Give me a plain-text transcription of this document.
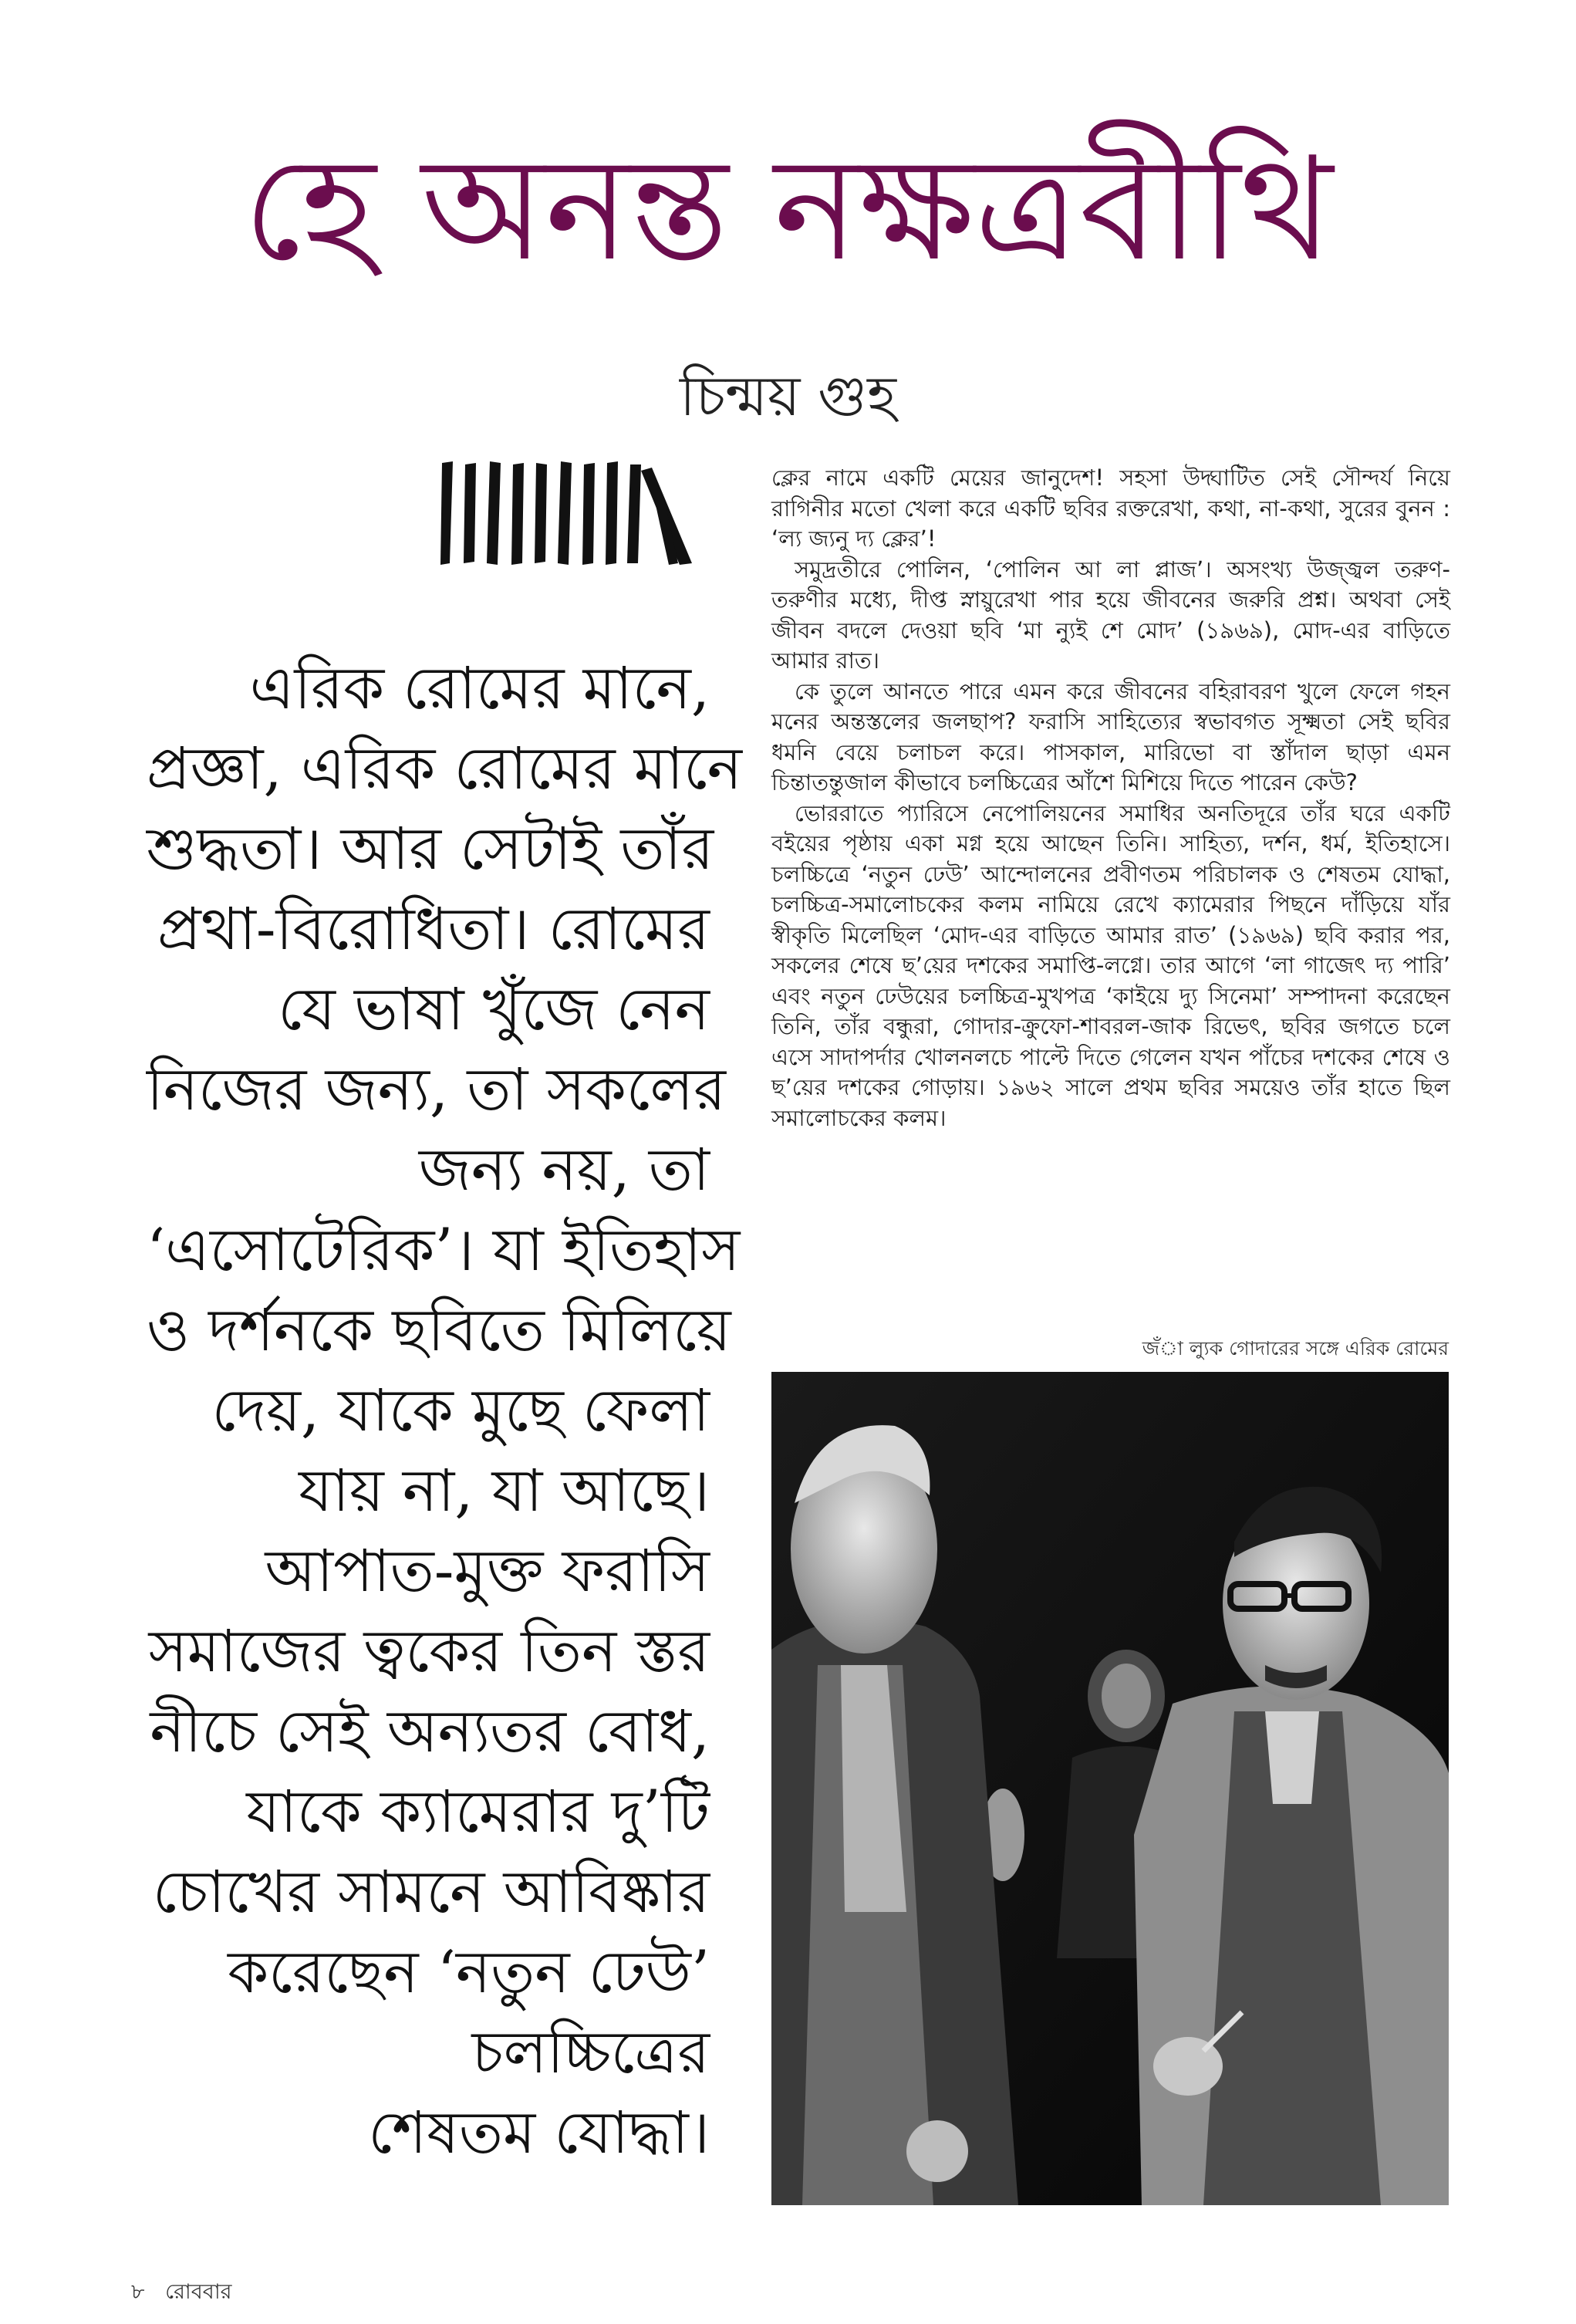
হে অনন্ত নক্ষত্রবীথি
চিন্ময় গুহ
এরিক রোমের মানে,
প্রজ্ঞা, এরিক রোমের মানে
শুদ্ধতা। আর সেটাই তাঁর
প্রথা-বিরোধিতা। রোমের
যে ভাষা খুঁজে নেন
নিজের জন্য, তা সকলের
জন্য নয়, তা
‘এসোটেরিক’। যা ইতিহাস
ও দর্শনকে ছবিতে মিলিয়ে
দেয়, যাকে মুছে ফেলা
যায় না, যা আছে।
আপাত-মুক্ত ফরাসি
সমাজের ত্বকের তিন স্তর
নীচে সেই অন্যতর বোধ,
যাকে ক্যামেরার দু’টি
চোখের সামনে আবিষ্কার
করেছেন ‘নতুন ঢেউ’
চলচ্চিত্রের
শেষতম যোদ্ধা।

ক্লের নামে একটি মেয়ের জানুদেশ! সহসা উদ্ঘাটিত সেই সৌন্দর্য নিয়ে রাগিনীর মতো খেলা করে একটি ছবির রক্তরেখা, কথা, না-কথা, সুরের বুনন : ‘ল্য জ্যনু দ্য ক্লের’!

সমুদ্রতীরে পোলিন, ‘পোলিন আ লা প্লাজ’। অসংখ্য উজ্জ্বল তরুণ-তরুণীর মধ্যে, দীপ্ত স্নায়ুরেখা পার হয়ে জীবনের জরুরি প্রশ্ন। অথবা সেই জীবন বদলে দেওয়া ছবি ‘মা ন্যুই শে মোদ’ (১৯৬৯), মোদ-এর বাড়িতে আমার রাত।

কে তুলে আনতে পারে এমন করে জীবনের বহিরাবরণ খুলে ফেলে গহন মনের অন্তস্তলের জলছাপ? ফরাসি সাহিত্যের স্বভাবগত সূক্ষ্মতা সেই ছবির ধমনি বেয়ে চলাচল করে। পাসকাল, মারিভো বা স্তাঁদাল ছাড়া এমন চিন্তাতন্তুজাল কীভাবে চলচ্চিত্রের আঁশে মিশিয়ে দিতে পারেন কেউ?

ভোররাতে প্যারিসে নেপোলিয়নের সমাধির অনতিদূরে তাঁর ঘরে একটি বইয়ের পৃষ্ঠায় একা মগ্ন হয়ে আছেন তিনি। সাহিত্য, দর্শন, ধর্ম, ইতিহাসে। চলচ্চিত্রে ‘নতুন ঢেউ’ আন্দোলনের প্রবীণতম পরিচালক ও শেষতম যোদ্ধা, চলচ্চিত্র-সমালোচকের কলম নামিয়ে রেখে ক্যামেরার পিছনে দাঁড়িয়ে যাঁর স্বীকৃতি মিলেছিল ‘মোদ-এর বাড়িতে আমার রাত’ (১৯৬৯) ছবি করার পর, সকলের শেষে ছ’য়ের দশকের সমাপ্তি-লগ্নে। তার আগে ‘লা গাজেৎ দ্য পারি’ এবং নতুন ঢেউয়ের চলচ্চিত্র-মুখপত্র ‘কাইয়ে দ্যু সিনেমা’ সম্পাদনা করেছেন তিনি, তাঁর বন্ধুরা, গোদার-ক্রুফো-শাবরল-জাক রিভেৎ, ছবির জগতে চলে এসে সাদাপর্দার খোলনলচে পাল্টে দিতে গেলেন যখন পাঁচের দশকের শেষে ও ছ’য়ের দশকের গোড়ায়। ১৯৬২ সালে প্রথম ছবির সময়েও তাঁর হাতে ছিল সমালোচকের কলম।

জঁা ল্যুক গোদারের সঙ্গে এরিক রোমের
৮ রোববার
